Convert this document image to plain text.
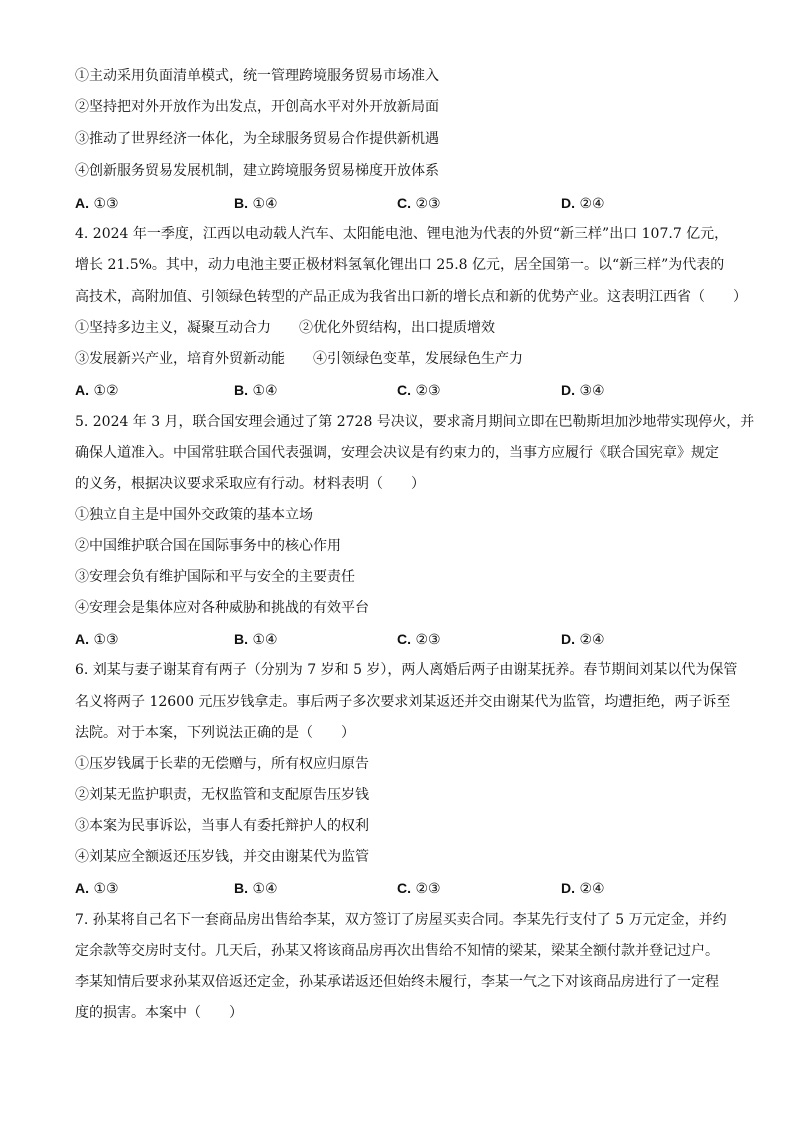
①主动采用负面清单模式，统一管理跨境服务贸易市场准入
②坚持把对外开放作为出发点，开创高水平对外开放新局面
③推动了世界经济一体化，为全球服务贸易合作提供新机遇
④创新服务贸易发展机制，建立跨境服务贸易梯度开放体系
A. ①③	B. ①④	C. ②③	D. ②④
4. 2024 年一季度，江西以电动载人汽车、太阳能电池、锂电池为代表的外贸“新三样”出口 107.7 亿元，
增长 21.5%。其中，动力电池主要正极材料氢氧化锂出口 25.8 亿元，居全国第一。以“新三样”为代表的
高技术，高附加值、引领绿色转型的产品正成为我省出口新的增长点和新的优势产业。这表明江西省（　　）
①坚持多边主义，凝聚互动合力　　②优化外贸结构，出口提质增效
③发展新兴产业，培育外贸新动能　　④引领绿色变革，发展绿色生产力
A. ①②	B. ①④	C. ②③	D. ③④
5. 2024 年 3 月，联合国安理会通过了第 2728 号决议，要求斋月期间立即在巴勒斯坦加沙地带实现停火，并
确保人道准入。中国常驻联合国代表强调，安理会决议是有约束力的，当事方应履行《联合国宪章》规定
的义务，根据决议要求采取应有行动。材料表明（　　）
①独立自主是中国外交政策的基本立场
②中国维护联合国在国际事务中的核心作用
③安理会负有维护国际和平与安全的主要责任
④安理会是集体应对各种威胁和挑战的有效平台
A. ①③	B. ①④	C. ②③	D. ②④
6. 刘某与妻子谢某育有两子（分别为 7 岁和 5 岁），两人离婚后两子由谢某抚养。春节期间刘某以代为保管
名义将两子 12600 元压岁钱拿走。事后两子多次要求刘某返还并交由谢某代为监管，均遭拒绝，两子诉至
法院。对于本案，下列说法正确的是（　　）
①压岁钱属于长辈的无偿赠与，所有权应归原告
②刘某无监护职责，无权监管和支配原告压岁钱
③本案为民事诉讼，当事人有委托辩护人的权利
④刘某应全额返还压岁钱，并交由谢某代为监管
A. ①③	B. ①④	C. ②③	D. ②④
7. 孙某将自己名下一套商品房出售给李某，双方签订了房屋买卖合同。李某先行支付了 5 万元定金，并约
定余款等交房时支付。几天后，孙某又将该商品房再次出售给不知情的梁某，梁某全额付款并登记过户。
李某知情后要求孙某双倍返还定金，孙某承诺返还但始终未履行，李某一气之下对该商品房进行了一定程
度的损害。本案中（　　）
